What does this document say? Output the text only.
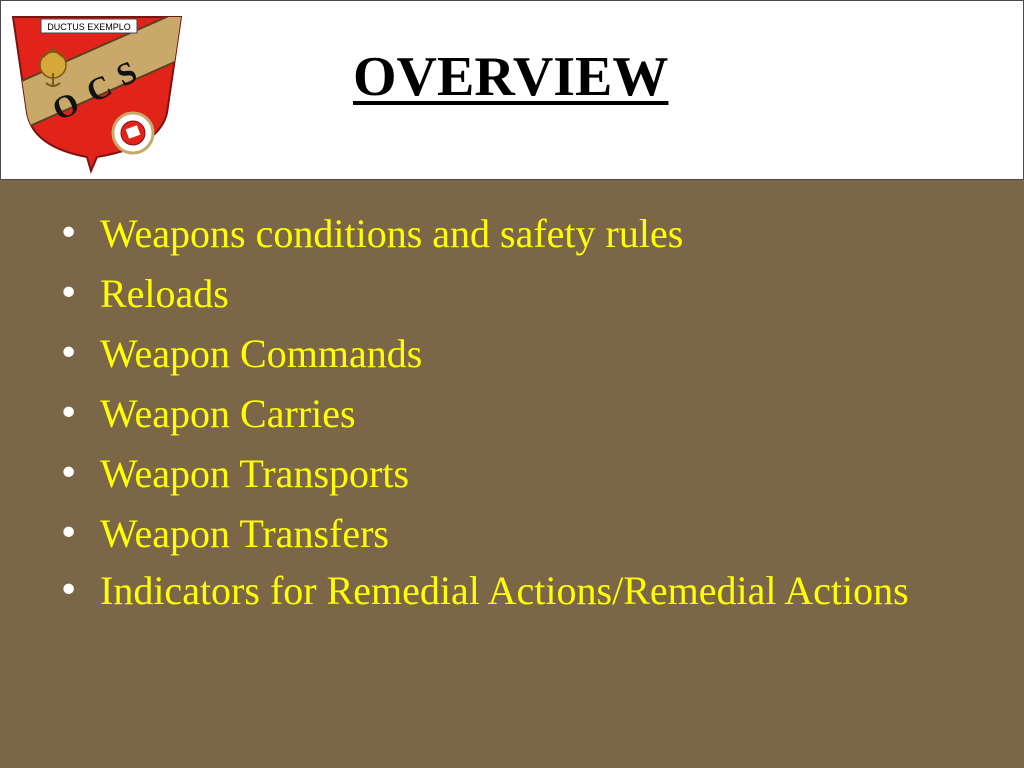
DUCTUS EXEMPLO
O
C
S	OVERVIEW
• Weapons conditions and safety rules
• Reloads
• Weapon Commands
• Weapon Carries
• Weapon Transports
• Weapon Transfers
• Indicators for Remedial Actions/Remedial Actions
